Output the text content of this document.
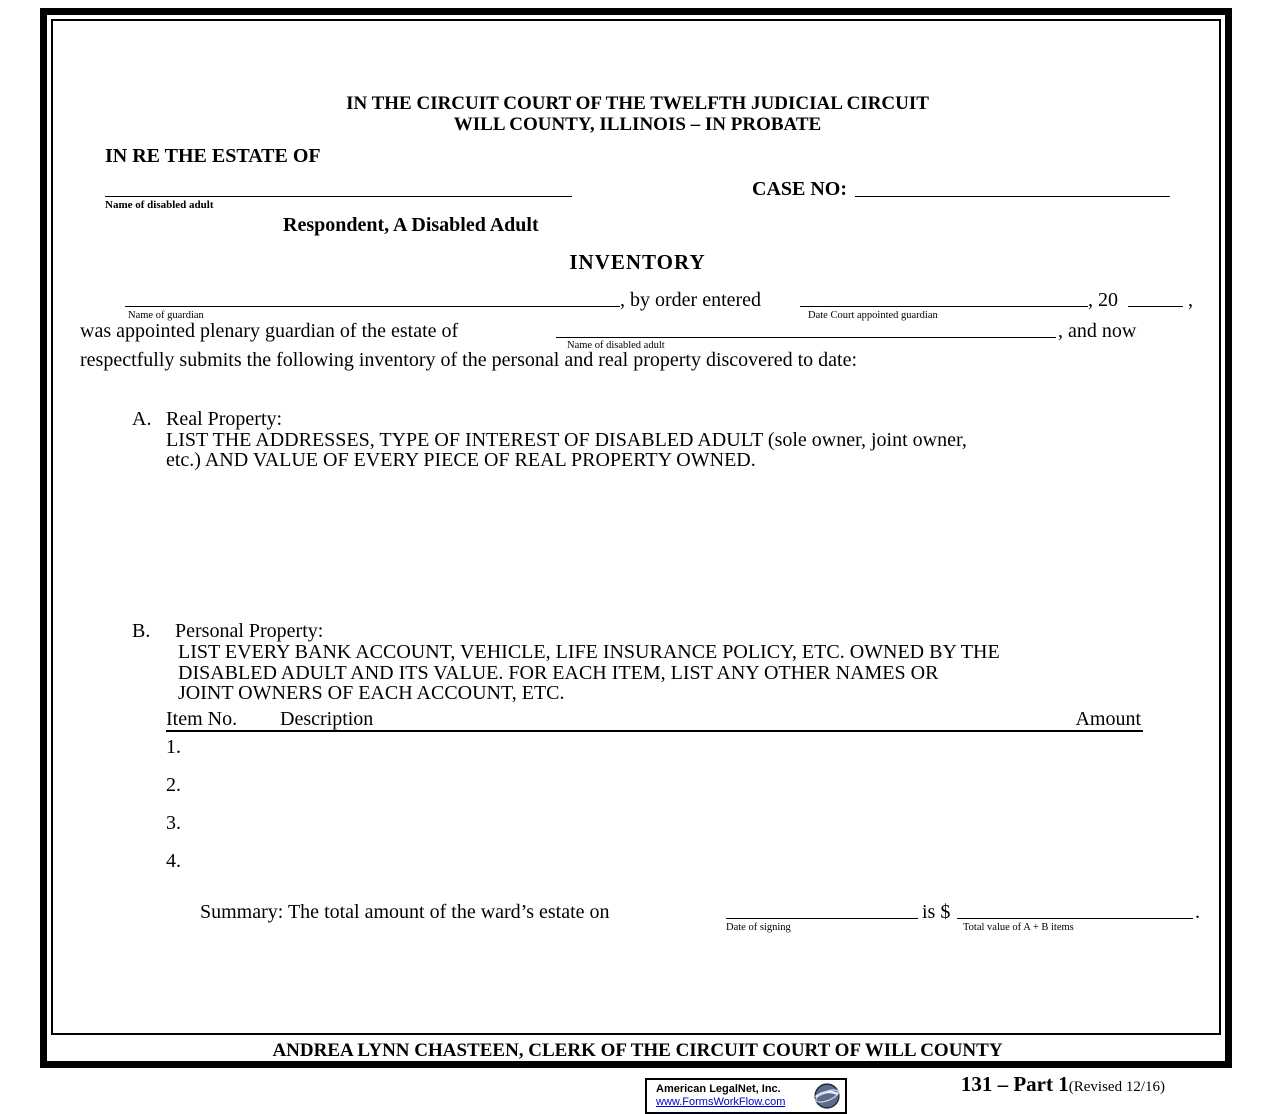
IN THE CIRCUIT COURT OF THE TWELFTH JUDICIAL CIRCUIT
WILL COUNTY, ILLINOIS – IN PROBATE
IN RE THE ESTATE OF
Name of disabled adult
CASE NO:
Respondent, A Disabled Adult
INVENTORY
Name of guardian
, by order entered
Date Court appointed guardian
, 20	,
was appointed plenary guardian of the estate of
Name of disabled adult
, and now
respectfully submits the following inventory of the personal and real property discovered to date:
A. Real Property:
LIST THE ADDRESSES, TYPE OF INTEREST OF DISABLED ADULT (sole owner, joint owner,
etc.) AND VALUE OF EVERY PIECE OF REAL PROPERTY OWNED.
B. Personal Property:
LIST EVERY BANK ACCOUNT, VEHICLE, LIFE INSURANCE POLICY, ETC. OWNED BY THE
DISABLED ADULT AND ITS VALUE. FOR EACH ITEM, LIST ANY OTHER NAMES OR
JOINT OWNERS OF EACH ACCOUNT, ETC.
Item No. Description	Amount
1.
2.
3.
4.
Summary: The total amount of the ward’s estate on
Date of signing
is $
Total value of A + B items
.
ANDREA LYNN CHASTEEN, CLERK OF THE CIRCUIT COURT OF WILL COUNTY
131 – Part 1(Revised 12/16)
American LegalNet, Inc.
www.FormsWorkFlow.com
